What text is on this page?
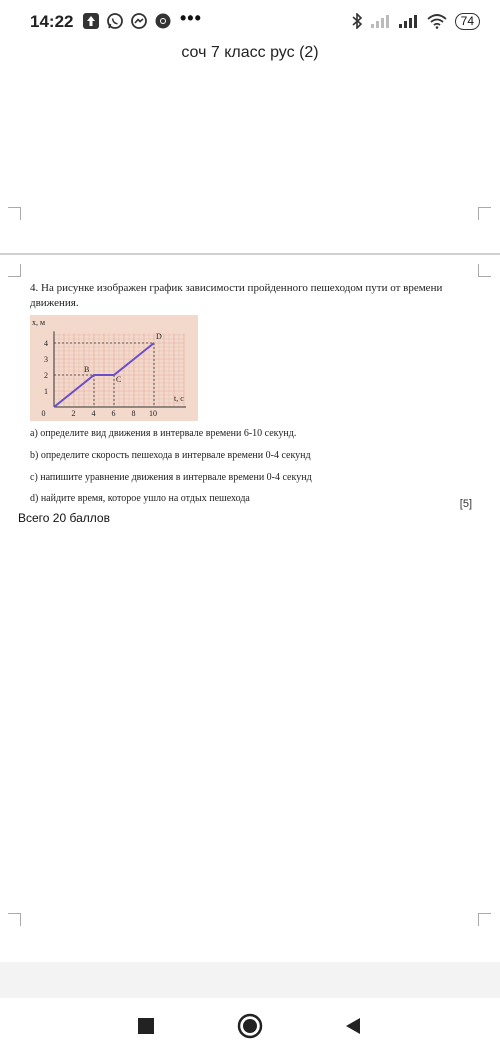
14:22	•••	74
соч 7 класс рус (2)
4. На рисунке изображен график зависимости пройденного пешеходом пути от времени движения.
t, c
x, м
0	2 4 6 8 10
1
2
3
4
B
C
D
a) определите вид движения в интервале времени 6-10 секунд.
b) определите скорость пешехода в интервале времени 0-4 секунд
c) напишите уравнение движения в интервале времени 0-4 секунд
d) найдите время, которое ушло на отдых пешехода	[5]
Всего 20 баллов
